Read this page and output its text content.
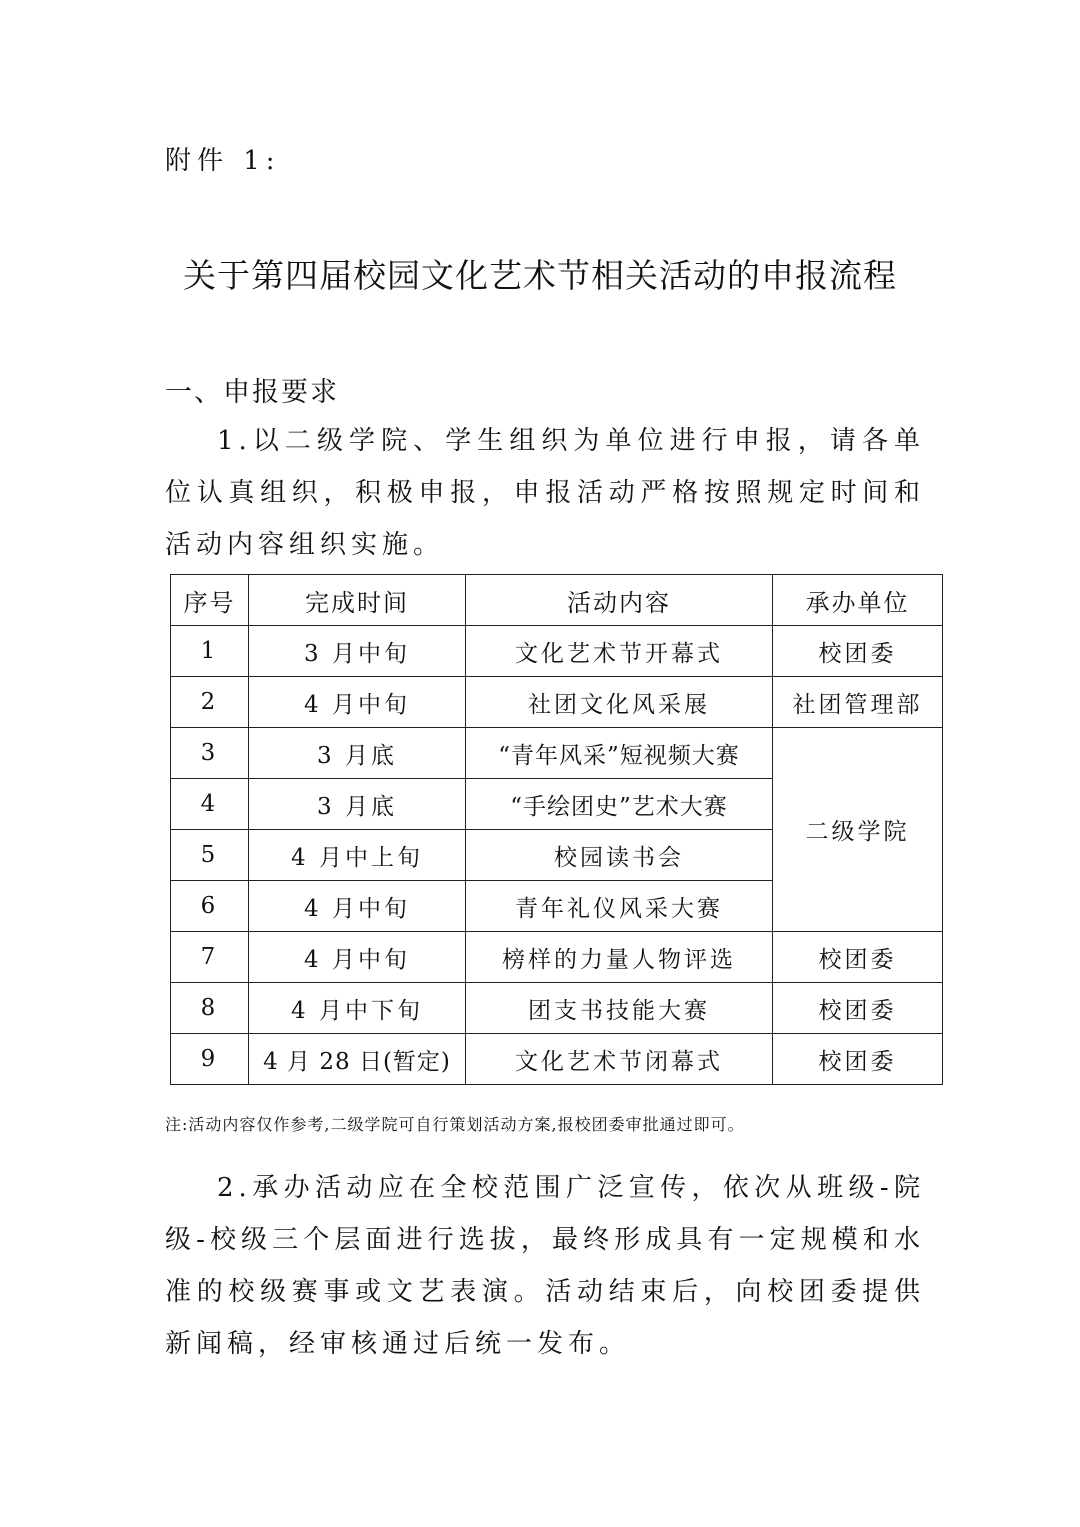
附件 1:
关于第四届校园文化艺术节相关活动的申报流程
一、申报要求

1.以二级学院、学生组织为单位进行申报，请各单位认真组织，积极申报，申报活动严格按照规定时间和活动内容组织实施。

序号	完成时间	活动内容	承办单位
1	3 月中旬	文化艺术节开幕式	校团委
2	4 月中旬	社团文化风采展	社团管理部
3	3 月底	“青年风采”短视频大赛	二级学院
4	3 月底	“手绘团史”艺术大赛	
5	4 月中上旬	校园读书会	
6	4 月中旬	青年礼仪风采大赛	
7	4 月中旬	榜样的力量人物评选	校团委
8	4 月中下旬	团支书技能大赛	校团委
9	4 月 28 日(暂定)	文化艺术节闭幕式	校团委
注:活动内容仅作参考,二级学院可自行策划活动方案,报校团委审批通过即可。

2.承办活动应在全校范围广泛宣传，依次从班级-院级-校级三个层面进行选拔，最终形成具有一定规模和水准的校级赛事或文艺表演。活动结束后，向校团委提供新闻稿，经审核通过后统一发布。
